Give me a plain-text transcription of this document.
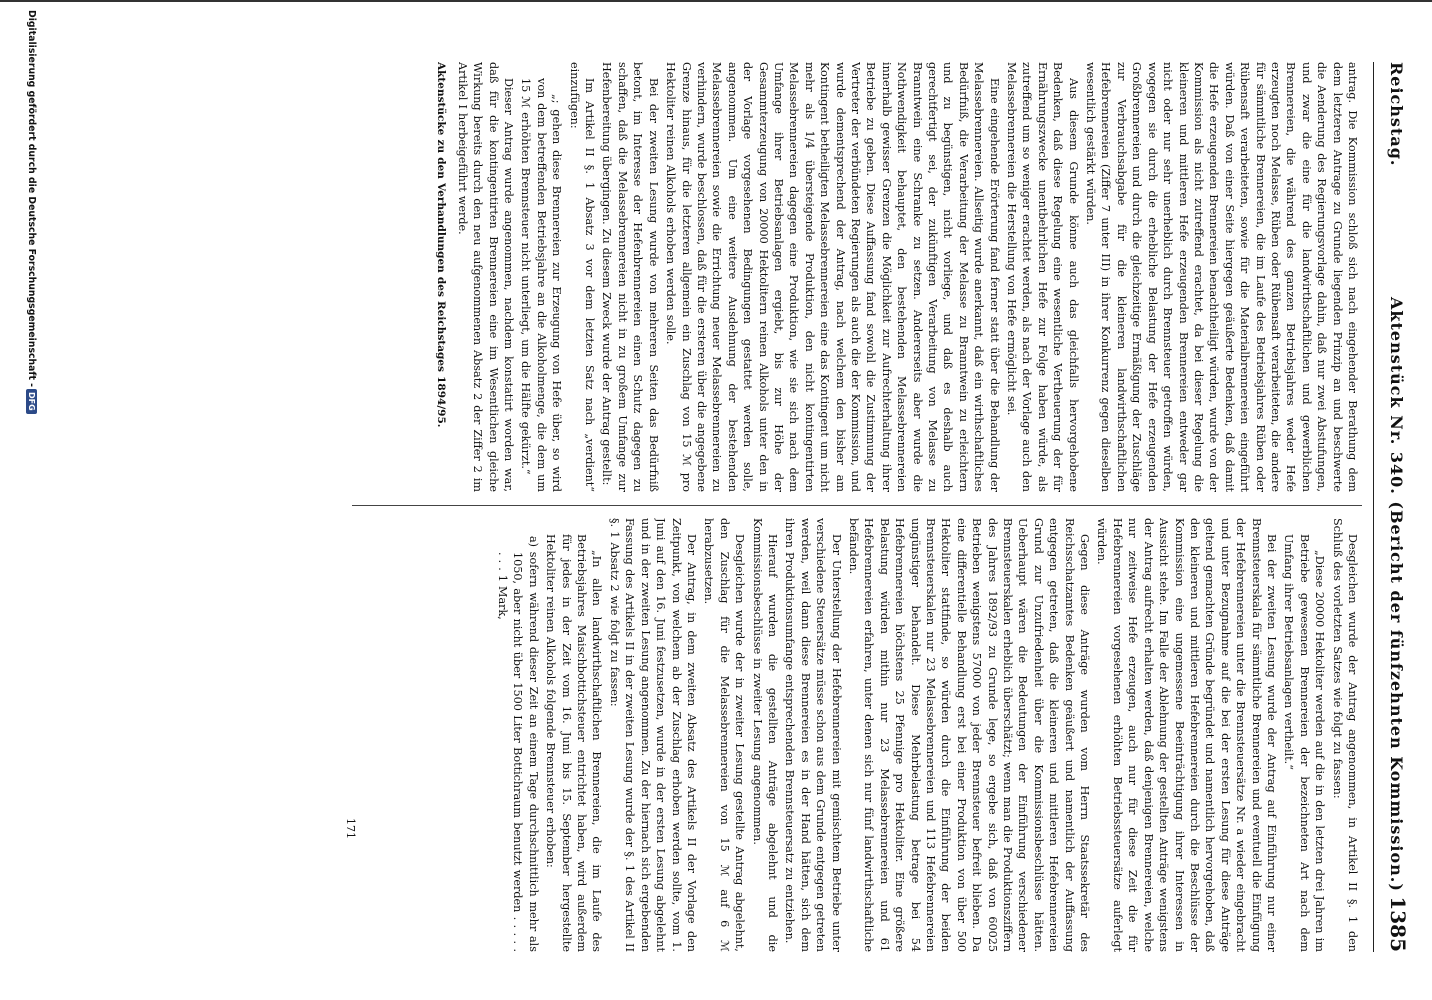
Reichstag.
Aktenstück Nr. 340. (Bericht der fünfzehnten Kommission.)
1385

antrag. Die Kommission schloß sich nach eingehender Berathung dem dem letzteren Antrage zu Grunde liegenden Prinzip an und beschwerte die Aenderung des Regierungsvorlage dahin, daß nur zwei Abstufungen, und zwar die eine für die landwirthschaftlichen und gewerblichen Brennereien, die während des ganzen Betriebsjahres weder Hefe erzeugten noch Melasse, Rüben oder Rübensaft verarbeiteten, die andere für sämmtliche Brennereien, die im Laufe des Betriebsjahres Rüben oder Rübensaft verarbeiteten, sowie für die Materialbrennereien eingeführt würden. Daß von einer Seite hiergegen geäußerte Bedenken, daß damit die Hefe erzeugenden Brennereien benachtheiligt würden, wurde von der Kommission als nicht zutreffend erachtet, da bei dieser Regelung die kleineren und mittleren Hefe erzeugenden Brennereien entweder gar nicht oder nur sehr unerheblich durch Brennsteuer getroffen würden, wogegen sie durch die erhebliche Belastung der Hefe erzeugenden Großbrennereien und durch die gleichzeitige Ermäßigung der Zuschläge zur Verbrauchsabgabe für die kleineren landwirthschaftlichen Hefebrennereien (Ziffer 7 unter III) in ihrer Konkurrenz gegen dieselben wesentlich gestärkt würden.

Aus diesem Grunde könne auch das gleichfalls hervorgehobene Bedenken, daß diese Regelung eine wesentliche Vertheuerung der für Ernährungszwecke unentbehrlichen Hefe zur Folge haben würde, als zutreffend um so weniger erachtet werden, als nach der Vorlage auch den Melassebrennereien die Herstellung von Hefe ermöglicht sei.

Eine eingehende Erörterung fand ferner statt über die Behandlung der Melassebrennereien. Allseitig wurde anerkannt, daß ein wirthschaftliches Bedürfniß, die Verarbeitung der Melasse zu Branntwein zu erleichtern und zu begünstigen, nicht vorliege, und daß es deshalb auch gerechtfertigt sei, der zukünftigen Verarbeitung von Melasse zu Branntwein eine Schranke zu setzen. Andererseits aber wurde die Nothwendigkeit behauptet, den bestehenden Melassebrennereien innerhalb gewisser Grenzen die Möglichkeit zur Aufrechterhaltung ihrer Betriebe zu geben. Diese Auffassung fand sowohl die Zustimmung der Vertreter der verbündeten Regierungen als auch die der Kommission, und wurde dementsprechend der Antrag, nach welchem den bisher am Kontingent betheiligten Melassebrennereien eine das Kontingent um nicht mehr als 1/4 übersteigende Produktion, den nicht kontingentirten Melassebrennereien dagegen eine Produktion, wie sie sich nach dem Umfange ihrer Betriebsanlagen ergiebt, bis zur Höhe der Gesammterzeugung von 20000 Hektolitern reinen Alkohols unter den in der Vorlage vorgesehenen Bedingungen gestattet werden solle, angenommen. Um eine weitere Ausdehnung der bestehenden Melassebrennereien sowie die Errichtung neuer Melassebrennereien zu verhindern, wurde beschlossen, daß für die ersteren über die angegebene Grenze hinaus, für die letzteren allgemein ein Zuschlag von 15 ℳ pro Hektoliter reinen Alkohols erhoben werden solle.

Bei der zweiten Lesung wurde von mehreren Seiten das Bedürfniß betont, im Interesse der Hefenbrennereien einen Schutz dagegen zu schaffen, daß die Melassebrennereien nicht in zu großem Umfange zur Hefenbereitung übergingen. Zu diesem Zweck wurde der Antrag gestellt:

Im Artikel II §. 1 Absatz 3 vor dem letzten Satz nach „verdient“ einzufügen:

„; gehen diese Brennereien zur Erzeugung von Hefe über, so wird von dem betreffenden Betriebsjahre an die Alkoholmenge, die dem um 15 ℳ erhöhten Brennsteuer nicht unterliegt, um die Hälfte gekürzt.“

Dieser Antrag wurde angenommen, nachdem konstatirt worden war, daß für die kontingentirten Brennereien eine im Wesentlichen gleiche Wirkung bereits durch den neu aufgenommenen Absatz 2 der Ziffer 2 im Artikel I herbeigeführt werde.

Aktenstücke zu den Verhandlungen des Reichstages 1894/95.

Desgleichen wurde der Antrag angenommen, in Artikel II §. 1 den Schluß des vorletzten Satzes wie folgt zu fassen:

„Diese 20000 Hektoliter werden auf die in den letzten drei Jahren im Betriebe gewesenen Brennereien der bezeichneten Art nach dem Umfang ihrer Betriebsanlagen vertheilt.“

Bei der zweiten Lesung wurde der Antrag auf Einführung nur einer Brennsteuerskala für sämmtliche Brennereien und eventuell die Einfügung der Hefebrennereien unter die Brennsteuersätze Nr. a wieder eingebracht und unter Bezugnahme auf die bei der ersten Lesung für diese Anträge geltend gemachten Gründe begründet und namentlich hervorgehoben, daß den kleineren und mittleren Hefebrennereien durch die Beschlüsse der Kommission eine ungemessene Beeinträchtigung ihrer Interessen in Aussicht stehe. Im Falle der Ablehnung der gestellten Anträge wenigstens der Antrag aufrecht erhalten werden, daß denjenigen Brennereien, welche nur zeitweise Hefe erzeugen, auch nur für diese Zeit die für Hefebrennereien vorgesehenen erhöhten Betriebssteuersätze auferlegt würden.

Gegen diese Anträge wurden vom Herrn Staatssekretär des Reichsschatzamtes Bedenken geäußert und namentlich der Auffassung entgegen getreten, daß die kleineren und mittleren Hefebrennereien Grund zur Unzufriedenheit über die Kommissionsbeschlüsse hätten. Ueberhaupt wären die Bedeutungen der Einführung verschiedener Brennsteuerskalen erheblich überschätzt; wenn man die Produktionsziffern des Jahres 1892/93 zu Grunde lege, so ergebe sich, daß von 60025 Betrieben wenigstens 57000 von jeder Brennsteuer befreit blieben. Da eine differentielle Behandlung erst bei einer Produktion von über 500 Hektoliter stattfinde, so würden durch die Einführung der beiden Brennsteuerskalen nur 23 Melassebrennereien und 113 Hefebrennereien ungünstiger behandelt. Diese Mehrbelastung betrage bei 54 Hefebrennereien höchstens 25 Pfennige pro Hektoliter. Eine größere Belastung würden mithin nur 23 Melassebrennereien und 61 Hefebrennereien erfahren, unter denen sich nur fünf landwirthschaftliche befänden.

Der Unterstellung der Hefebrennereien mit gemischtem Betriebe unter verschiedene Steuersätze müsse schon aus dem Grunde entgegen getreten werden, weil dann diese Brennereien es in der Hand hätten, sich dem ihren Produktionsumfange entsprechenden Brennsteuersatz zu entziehen.

Hierauf wurden die gestellten Anträge abgelehnt und die Kommissionsbeschlüsse in zweiter Lesung angenommen.

Desgleichen wurde der in zweiter Lesung gestellte Antrag abgelehnt, den Zuschlag für die Melassebrennereien von 15 ℳ auf 6 ℳ herabzusetzen.

Der Antrag, in dem zweiten Absatz des Artikels II der Vorlage den Zeitpunkt, von welchem ab der Zuschlag erhoben werden sollte, vom 1. Juni auf den 16. Juni festzusetzen, wurde in der ersten Lesung abgelehnt und in der zweiten Lesung angenommen. Zu der hiernach sich ergebenden Fassung des Artikels II in der zweiten Lesung wurde der §. 1 des Artikel II §. 1 Absatz 2 wie folgt zu fassen:

„In allen landwirthschaftlichen Brennereien, die im Laufe des Betriebsjahres Maischbottichsteuer entrichtet haben, wird außerdem für jedes in der Zeit vom 16. Juni bis 15. September hergestellte Hektoliter reinen Alkohols folgende Brennsteuer erhoben:

a) sofern während dieser Zeit an einem Tage durchschnittlich mehr als 1050, aber nicht über 1500 Liter Bottichraum benutzt werden . . . . . . . . 1 Mark,

171
Digitalisierung gefördert durch die Deutsche Forschungsgemeinschaft -DFG
